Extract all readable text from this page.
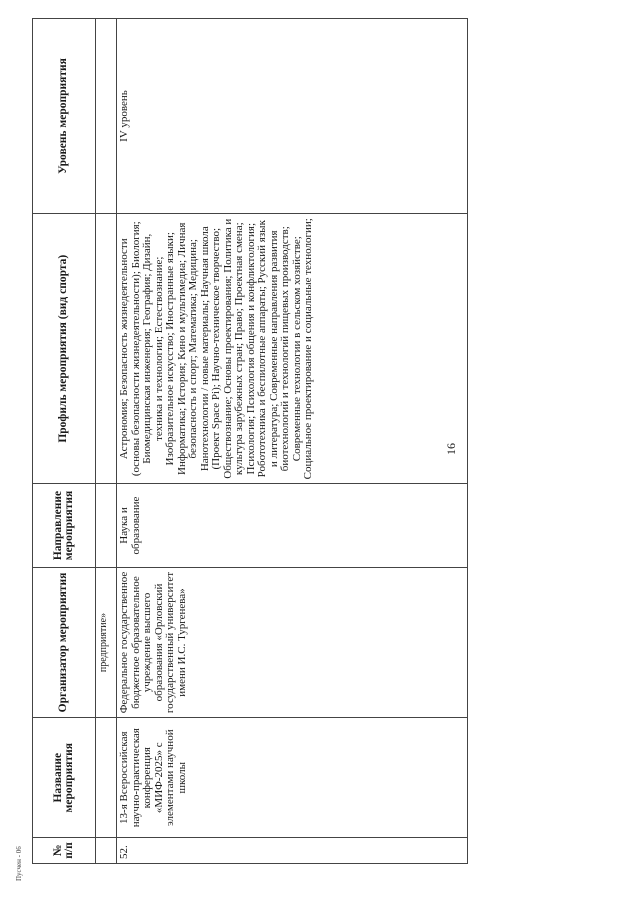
16
Пусчен - 06 № п/п	Название мероприятия	Организатор мероприятия	Направление мероприятия	Профиль мероприятия (вид спорта)	Уровень мероприятия
		предприятие»			
52.	13-я Всероссийская научно-практическая конференция «МИФ-2025» с элементами научной школы	Федеральное государственное бюджетное образовательное учреждение высшего образования «Орловский государственный университет имени И.С. Тургенева»	Наука и образование	Астрономия; Безопасность жизнедеятельности (основы безопасности жизнедеятельности); Биология; Биомедицинская инженерия; География; Дизайн, техника и технологии; Естествознание; Изобразительное искусство; Иностранные языки; Информатика; История; Кино и мультимедиа; Личная безопасность и спорт; Математика; Медицина; Нанотехнологии / новые материалы; Научная школа (Проект Space Pi); Научно-техническое творчество; Обществознание; Основы проектирования; Политика и культура зарубежных стран; Право; Проектная смена; Психология; Психология общения и конфликтология; Робототехника и беспилотные аппараты; Русский язык и литература; Современные направления развития биотехнологий и технологий пищевых производств; Современные технологии в сельском хозяйстве; Социальное проектирование и социальные технологии;	IV уровень
